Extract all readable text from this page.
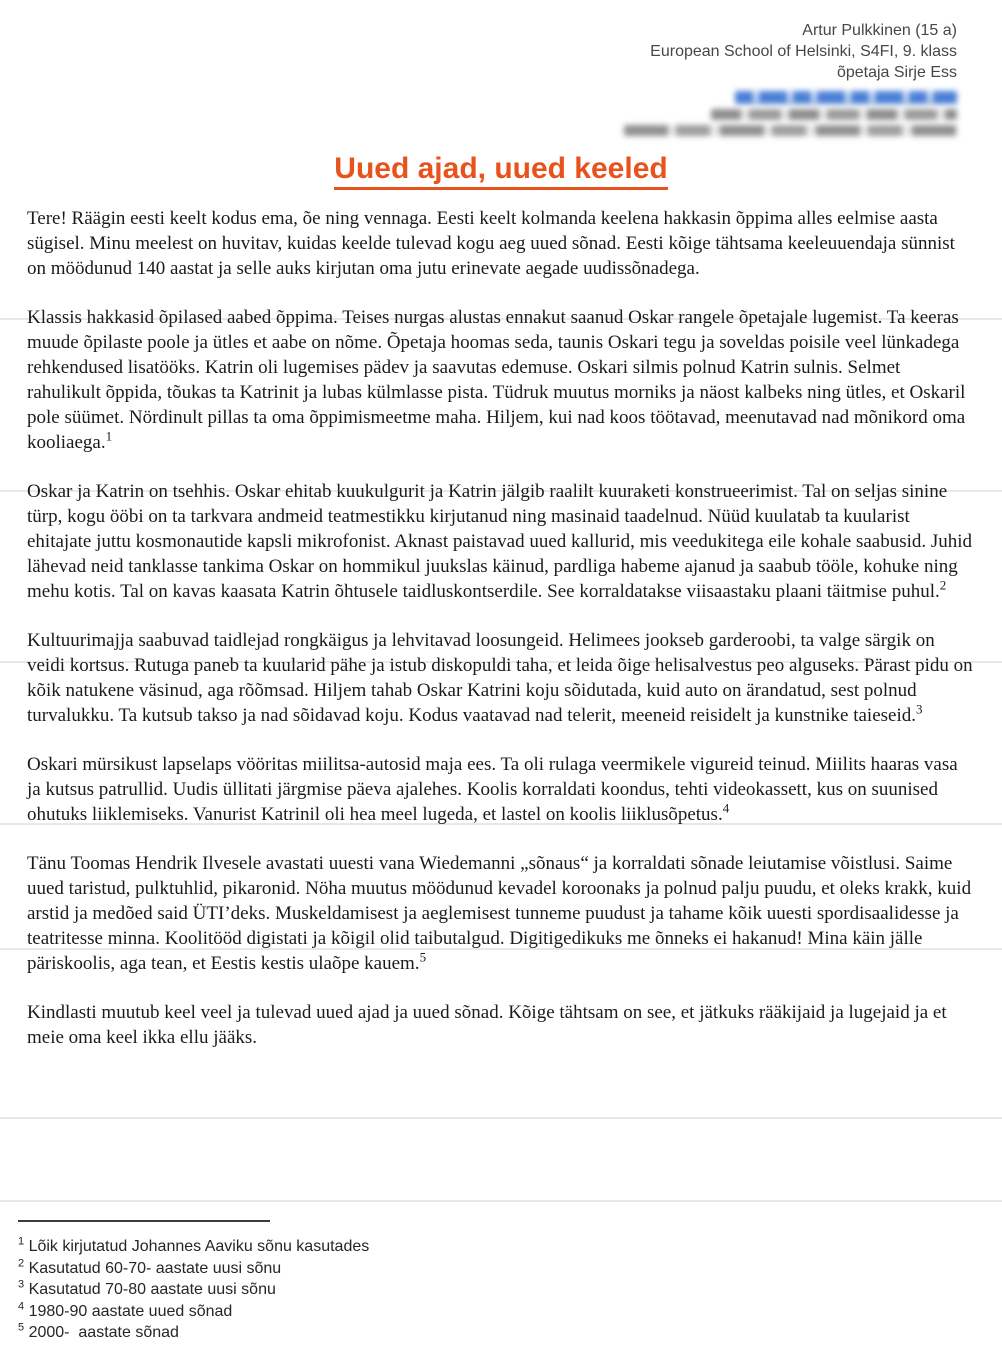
Artur Pulkkinen (15 a)
European School of Helsinki, S4FI, 9. klass
õpetaja Sirje Ess
Uued ajad, uued keeled

Tere! Räägin eesti keelt kodus ema, õe ning vennaga. Eesti keelt kolmanda keelena hakkasin õppima alles eelmise aasta sügisel. Minu meelest on huvitav, kuidas keelde tulevad kogu aeg uued sõnad. Eesti kõige tähtsama keeleuuendaja sünnist on möödunud 140 aastat ja selle auks kirjutan oma jutu erinevate aegade uudissõnadega.

Klassis hakkasid õpilased aabed õppima. Teises nurgas alustas ennakut saanud Oskar rangele õpetajale lugemist. Ta keeras muude õpilaste poole ja ütles et aabe on nõme. Õpetaja hoomas seda, taunis Oskari tegu ja soveldas poisile veel lünkadega rehkendused lisatööks. Katrin oli lugemises pädev ja saavutas edemuse. Oskari silmis polnud Katrin sulnis. Selmet rahulikult õppida, tõukas ta Katrinit ja lubas külmlasse pista. Tüdruk muutus morniks ja näost kalbeks ning ütles, et Oskaril pole süümet. Nördinult pillas ta oma õppimismeetme maha. Hiljem, kui nad koos töötavad, meenutavad nad mõnikord oma kooliaega.$^1$

Oskar ja Katrin on tsehhis. Oskar ehitab kuukulgurit ja Katrin jälgib raalilt kuuraketi konstrueerimist. Tal on seljas sinine türp, kogu ööbi on ta tarkvara andmeid teatmestikku kirjutanud ning masinaid taadelnud. Nüüd kuulatab ta kuularist ehitajate juttu kosmonautide kapsli mikrofonist. Aknast paistavad uued kallurid, mis veedukitega eile kohale saabusid. Juhid lähevad neid tanklasse tankima Oskar on hommikul juukslas käinud, pardliga habeme ajanud ja saabub tööle, kohuke ning mehu kotis. Tal on kavas kaasata Katrin õhtusele taidluskontserdile. See korraldatakse viisaastaku plaani täitmise puhul.$^2$

Kultuurimajja saabuvad taidlejad rongkäigus ja lehvitavad loosungeid. Helimees jookseb garderoobi, ta valge särgik on veidi kortsus. Rutuga paneb ta kuularid pähe ja istub diskopuldi taha, et leida õige helisalvestus peo alguseks. Pärast pidu on kõik natukene väsinud, aga rõõmsad. Hiljem tahab Oskar Katrini koju sõidutada, kuid auto on ärandatud, sest polnud turvalukku. Ta kutsub takso ja nad sõidavad koju. Kodus vaatavad nad telerit, meeneid reisidelt ja kunstnike taieseid.$^3$

Oskari mürsikust lapselaps vööritas miilitsa-autosid maja ees. Ta oli rulaga veermikele vigureid teinud. Miilits haaras vasa ja kutsus patrullid. Uudis üllitati järgmise päeva ajalehes. Koolis korraldati koondus, tehti videokassett, kus on suunised ohutuks liiklemiseks. Vanurist Katrinil oli hea meel lugeda, et lastel on koolis liiklusõpetus.$^4$

Tänu Toomas Hendrik Ilvesele avastati uuesti vana Wiedemanni „sõnaus“ ja korraldati sõnade leiutamise võistlusi. Saime uued taristud, pulktuhlid, pikaronid. Nöha muutus möödunud kevadel koroonaks ja polnud palju puudu, et oleks krakk, kuid arstid ja medõed said ÜTI’deks. Muskeldamisest ja aeglemisest tunneme puudust ja tahame kõik uuesti spordisaalidesse ja teatritesse minna. Koolitööd digistati ja kõigil olid taibutalgud. Digitigedikuks me õnneks ei hakanud! Mina käin jälle päriskoolis, aga tean, et Eestis kestis ulaõpe kauem.$^5$

Kindlasti muutub keel veel ja tulevad uued ajad ja uued sõnad. Kõige tähtsam on see, et jätkuks rääkijaid ja lugejaid ja et meie oma keel ikka ellu jääks.

$^1$ Lõik kirjutatud Johannes Aaviku sõnu kasutades
$^2$ Kasutatud 60-70- aastate uusi sõnu
$^3$ Kasutatud 70-80 aastate uusi sõnu
$^4$ 1980-90 aastate uued sõnad
$^5$ 2000-  aastate sõnad
